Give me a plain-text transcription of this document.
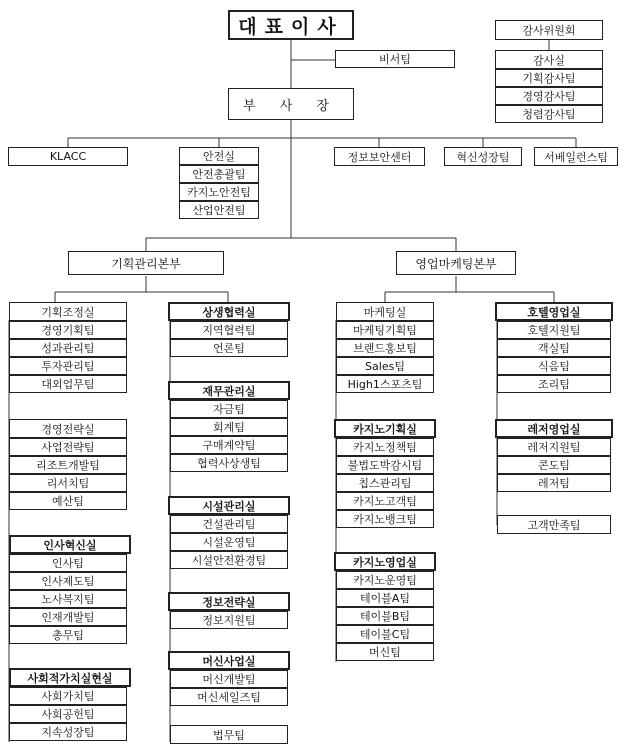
대표이사
비서팀
부 사 장
감사위원회
감사실
기획감사팀
경영감사팀
청렴감사팀
KLACC	안전실
안전총괄팀
카지노안전팀
산업안전팀
정보보안센터	혁신성장팀	서베일런스팀
기획관리본부	영업마케팅본부
기획조정실
경영기획팀
성과관리팀
투자관리팀
대외업무팀
경영전략실
사업전략팀
리조트개발팀
리서치팀
예산팀
인사혁신실
인사팀
인사제도팀
노사복지팀
인재개발팀
총무팀
사회적가치실현실
사회가치팀
사회공헌팀
지속성장팀
상생협력실
지역협력팀
언론팀
재무관리실
자금팀
회계팀
구매계약팀
협력사상생팀
시설관리실
건설관리팀
시설운영팀
시설안전환경팀
정보전략실
정보지원팀
머신사업실
머신개발팀
머신세일즈팀
법무팀
마케팅실
마케팅기획팀
브랜드홍보팀
Sales팀
High1스포츠팀
카지노기획실
카지노정책팀
불법도박감시팀
칩스관리팀
카지노고객팀
카지노뱅크팀
카지노영업실
카지노운영팀
테이블A팀
테이블B팀
테이블C팀
머신팀
호텔영업실
호텔지원팀
객실팀
식음팀
조리팀
레저영업실
레저지원팀
콘도팀
레저팀
고객만족팀
